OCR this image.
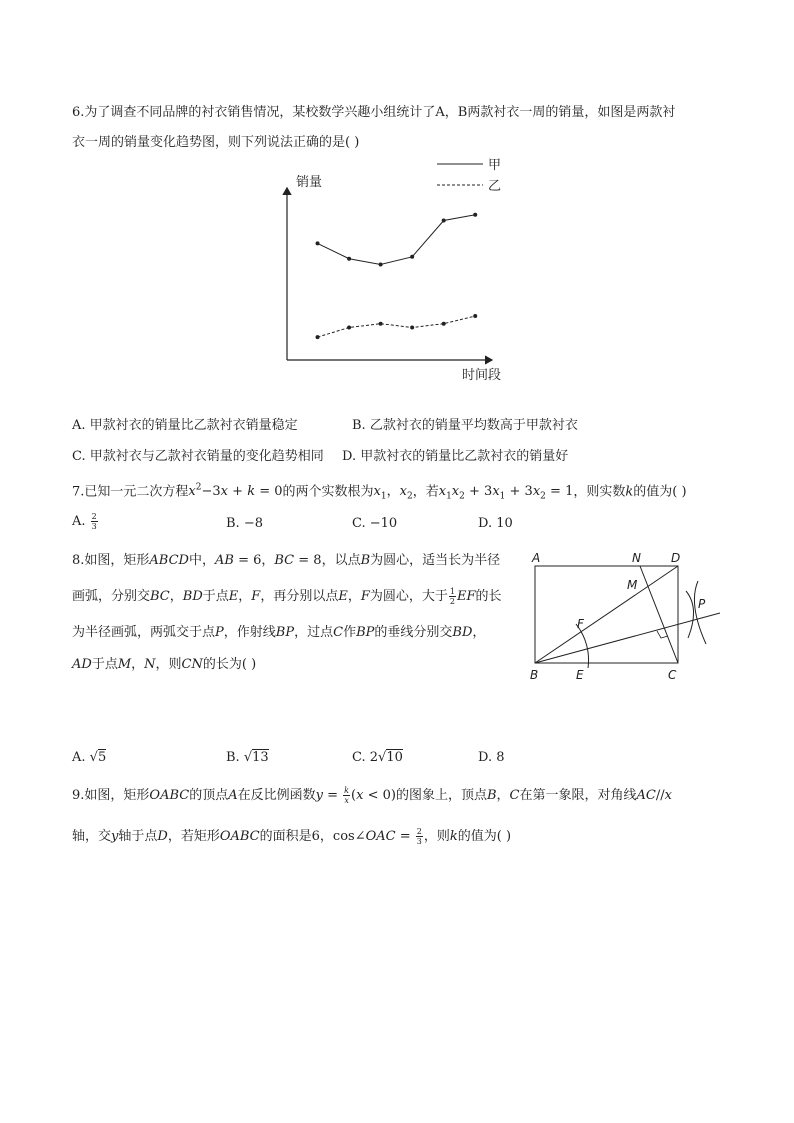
6.为了调查不同品牌的衬衣销售情况，某校数学兴趣小组统计了A，B两款衬衣一周的销量，如图是两款衬
衣一周的销量变化趋势图，则下列说法正确的是( )
销量
时间段
甲
乙
A. 甲款衬衣的销量比乙款衬衣销量稳定	B. 乙款衬衣的销量平均数高于甲款衬衣
C. 甲款衬衣与乙款衬衣销量的变化趋势相同 D. 甲款衬衣的销量比乙款衬衣的销量好
7.已知一元二次方程$x^2-3x + k = 0$的两个实数根为$x_1$，$x_2$，若$x_1x_2 + 3x_1 + 3x_2 = 1$，则实数k的值为( )
A. $\frac{2}{3}$	B. −8	C. −10	D. 10
8.如图，矩形ABCD中，AB = 6，BC = 8，以点B为圆心，适当长为半径
画弧，分别交BC，BD于点E，F，再分别以点E，F为圆心，大于 $\frac{1}{2}$ EF的长
为半径画弧，两弧交于点P，作射线BP，过点C作BP的垂线分别交BD，
AD于点M，N，则CN的长为( )
A	N	D
M
P
F
B	E	C
A. √5	B. √13	C. 2√10	D. 8
9.如图，矩形OABC的顶点A在反比例函数$y = \frac{k}{x} (x < 0)$的图象上，顶点B，C在第一象限，对角线AC//x
轴，交y轴于点D，若矩形OABC的面积是6，cos∠OAC = $\frac{2}{3}$ ，则k的值为( )
